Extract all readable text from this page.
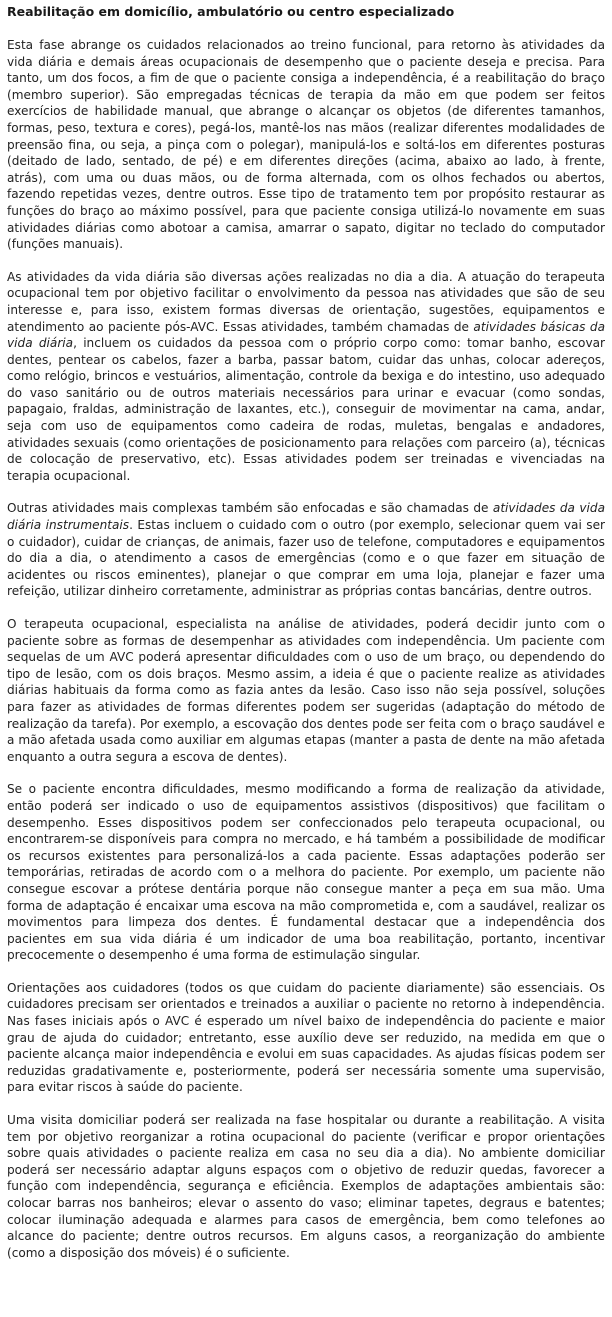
Reabilitação em domicílio, ambulatório ou centro especializado

Esta fase abrange os cuidados relacionados ao treino funcional, para retorno às atividades da vida diária e demais áreas ocupacionais de desempenho que o paciente deseja e precisa. Para tanto, um dos focos, a fim de que o paciente consiga a independência, é a reabilitação do braço (membro superior). São empregadas técnicas de terapia da mão em que podem ser feitos exercícios de habilidade manual, que abrange o alcançar os objetos (de diferentes tamanhos, formas, peso, textura e cores), pegá-los, mantê-los nas mãos (realizar diferentes modalidades de preensão fina, ou seja, a pinça com o polegar), manipulá-los e soltá-los em diferentes posturas (deitado de lado, sentado, de pé) e em diferentes direções (acima, abaixo ao lado, à frente, atrás), com uma ou duas mãos, ou de forma alternada, com os olhos fechados ou abertos, fazendo repetidas vezes, dentre outros. Esse tipo de tratamento tem por propósito restaurar as funções do braço ao máximo possível, para que paciente consiga utilizá-lo novamente em suas atividades diárias como abotoar a camisa, amarrar o sapato, digitar no teclado do computador (funções manuais).

As atividades da vida diária são diversas ações realizadas no dia a dia. A atuação do terapeuta ocupacional tem por objetivo facilitar o envolvimento da pessoa nas atividades que são de seu interesse e, para isso, existem formas diversas de orientação, sugestões, equipamentos e atendimento ao paciente pós-AVC. Essas atividades, também chamadas de atividades básicas da vida diária, incluem os cuidados da pessoa com o próprio corpo como: tomar banho, escovar dentes, pentear os cabelos, fazer a barba, passar batom, cuidar das unhas, colocar adereços, como relógio, brincos e vestuários, alimentação, controle da bexiga e do intestino, uso adequado do vaso sanitário ou de outros materiais necessários para urinar e evacuar (como sondas, papagaio, fraldas, administração de laxantes, etc.), conseguir de movimentar na cama, andar, seja com uso de equipamentos como cadeira de rodas, muletas, bengalas e andadores, atividades sexuais (como orientações de posicionamento para relações com parceiro (a), técnicas de colocação de preservativo, etc). Essas atividades podem ser treinadas e vivenciadas na terapia ocupacional.

Outras atividades mais complexas também são enfocadas e são chamadas de atividades da vida diária instrumentais. Estas incluem o cuidado com o outro (por exemplo, selecionar quem vai ser o cuidador), cuidar de crianças, de animais, fazer uso de telefone, computadores e equipamentos do dia a dia, o atendimento a casos de emergências (como e o que fazer em situação de acidentes ou riscos eminentes), planejar o que comprar em uma loja, planejar e fazer uma refeição, utilizar dinheiro corretamente, administrar as próprias contas bancárias, dentre outros.

O terapeuta ocupacional, especialista na análise de atividades, poderá decidir junto com o paciente sobre as formas de desempenhar as atividades com independência. Um paciente com sequelas de um AVC poderá apresentar dificuldades com o uso de um braço, ou dependendo do tipo de lesão, com os dois braços. Mesmo assim, a ideia é que o paciente realize as atividades diárias habituais da forma como as fazia antes da lesão. Caso isso não seja possível, soluções para fazer as atividades de formas diferentes podem ser sugeridas (adaptação do método de realização da tarefa). Por exemplo, a escovação dos dentes pode ser feita com o braço saudável e a mão afetada usada como auxiliar em algumas etapas (manter a pasta de dente na mão afetada enquanto a outra segura a escova de dentes).

Se o paciente encontra dificuldades, mesmo modificando a forma de realização da atividade, então poderá ser indicado o uso de equipamentos assistivos (dispositivos) que facilitam o desempenho. Esses dispositivos podem ser confeccionados pelo terapeuta ocupacional, ou encontrarem-se disponíveis para compra no mercado, e há também a possibilidade de modificar os recursos existentes para personalizá-los a cada paciente. Essas adaptações poderão ser temporárias, retiradas de acordo com o a melhora do paciente. Por exemplo, um paciente não consegue escovar a prótese dentária porque não consegue manter a peça em sua mão. Uma forma de adaptação é encaixar uma escova na mão comprometida e, com a saudável, realizar os movimentos para limpeza dos dentes. É fundamental destacar que a independência dos pacientes em sua vida diária é um indicador de uma boa reabilitação, portanto, incentivar precocemente o desempenho é uma forma de estimulação singular.

Orientações aos cuidadores (todos os que cuidam do paciente diariamente) são essenciais. Os cuidadores precisam ser orientados e treinados a auxiliar o paciente no retorno à independência. Nas fases iniciais após o AVC é esperado um nível baixo de independência do paciente e maior grau de ajuda do cuidador; entretanto, esse auxílio deve ser reduzido, na medida em que o paciente alcança maior independência e evolui em suas capacidades. As ajudas físicas podem ser reduzidas gradativamente e, posteriormente, poderá ser necessária somente uma supervisão, para evitar riscos à saúde do paciente.

Uma visita domiciliar poderá ser realizada na fase hospitalar ou durante a reabilitação. A visita tem por objetivo reorganizar a rotina ocupacional do paciente (verificar e propor orientações sobre quais atividades o paciente realiza em casa no seu dia a dia). No ambiente domiciliar poderá ser necessário adaptar alguns espaços com o objetivo de reduzir quedas, favorecer a função com independência, segurança e eficiência. Exemplos de adaptações ambientais são: colocar barras nos banheiros; elevar o assento do vaso; eliminar tapetes, degraus e batentes; colocar iluminação adequada e alarmes para casos de emergência, bem como telefones ao alcance do paciente; dentre outros recursos. Em alguns casos, a reorganização do ambiente (como a disposição dos móveis) é o suficiente.
